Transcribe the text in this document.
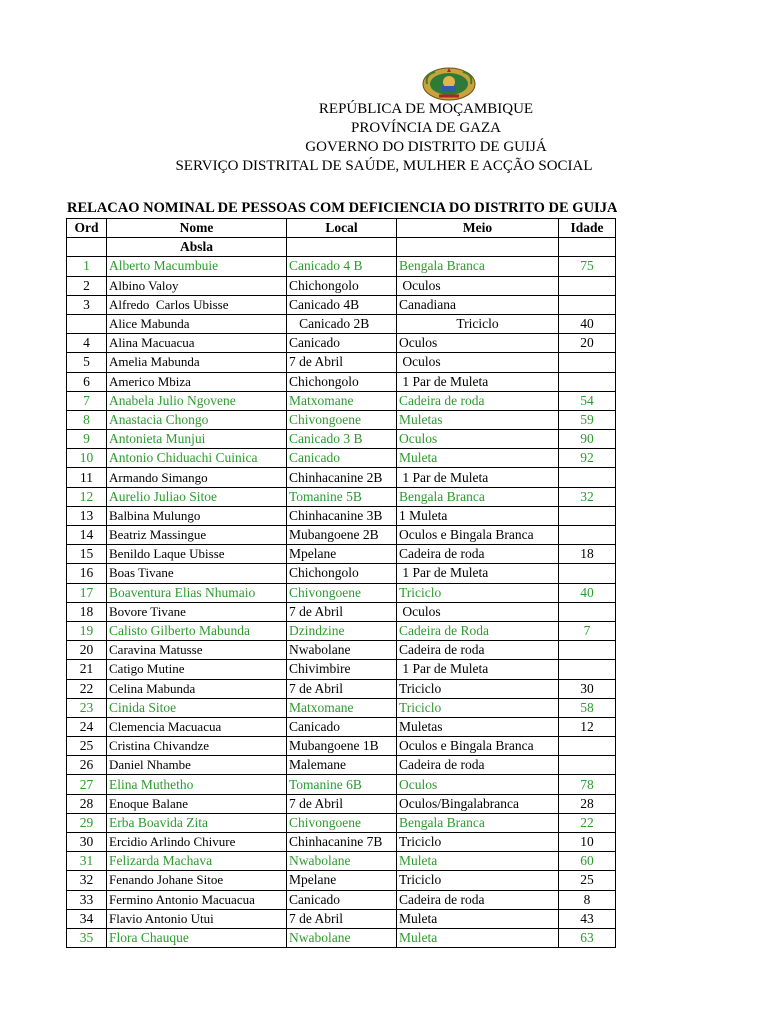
REPÚBLICA DE MOÇAMBIQUE
PROVÍNCIA DE GAZA
GOVERNO DO DISTRITO DE GUIJÁ
SERVIÇO DISTRITAL DE SAÚDE, MULHER E ACÇÃO SOCIAL
RELACAO NOMINAL DE PESSOAS COM DEFICIENCIA DO DISTRITO DE GUIJA
Ord	Nome	Local	Meio	Idade
	Absla			
1	Alberto Macumbuie	Canicado 4 B	Bengala Branca	75
2	Albino Valoy	Chichongolo	Oculos	
3	Alfredo  Carlos Ubisse	Canicado 4B	Canadiana	
	Alice Mabunda	Canicado 2B	Triciclo	40
4	Alina Macuacua	Canicado	Oculos	20
5	Amelia Mabunda	7 de Abril	Oculos	
6	Americo Mbiza	Chichongolo	1 Par de Muleta	
7	Anabela Julio Ngovene	Matxomane	Cadeira de roda	54
8	Anastacia Chongo	Chivongoene	Muletas	59
9	Antonieta Munjui	Canicado 3 B	Oculos	90
10	Antonio Chiduachi Cuinica	Canicado	Muleta	92
11	Armando Simango	Chinhacanine 2B	1 Par de Muleta	
12	Aurelio Juliao Sitoe	Tomanine 5B	Bengala Branca	32
13	Balbina Mulungo	Chinhacanine 3B	1 Muleta	
14	Beatriz Massingue	Mubangoene 2B	Oculos e Bingala Branca	
15	Benildo Laque Ubisse	Mpelane	Cadeira de roda	18
16	Boas Tivane	Chichongolo	1 Par de Muleta	
17	Boaventura Elias Nhumaio	Chivongoene	Triciclo	40
18	Bovore Tivane	7 de Abril	Oculos	
19	Calisto Gilberto Mabunda	Dzindzine	Cadeira de Roda	7
20	Caravina Matusse	Nwabolane	Cadeira de roda	
21	Catigo Mutine	Chivimbire	1 Par de Muleta	
22	Celina Mabunda	7 de Abril	Triciclo	30
23	Cinida Sitoe	Matxomane	Triciclo	58
24	Clemencia Macuacua	Canicado	Muletas	12
25	Cristina Chivandze	Mubangoene 1B	Oculos e Bingala Branca	
26	Daniel Nhambe	Malemane	Cadeira de roda	
27	Elina Muthetho	Tomanine 6B	Oculos	78
28	Enoque Balane	7 de Abril	Oculos/Bingalabranca	28
29	Erba Boavida Zita	Chivongoene	Bengala Branca	22
30	Ercidio Arlindo Chivure	Chinhacanine 7B	Triciclo	10
31	Felizarda Machava	Nwabolane	Muleta	60
32	Fenando Johane Sitoe	Mpelane	Triciclo	25
33	Fermino Antonio Macuacua	Canicado	Cadeira de roda	8
34	Flavio Antonio Utui	7 de Abril	Muleta	43
35	Flora Chauque	Nwabolane	Muleta	63
